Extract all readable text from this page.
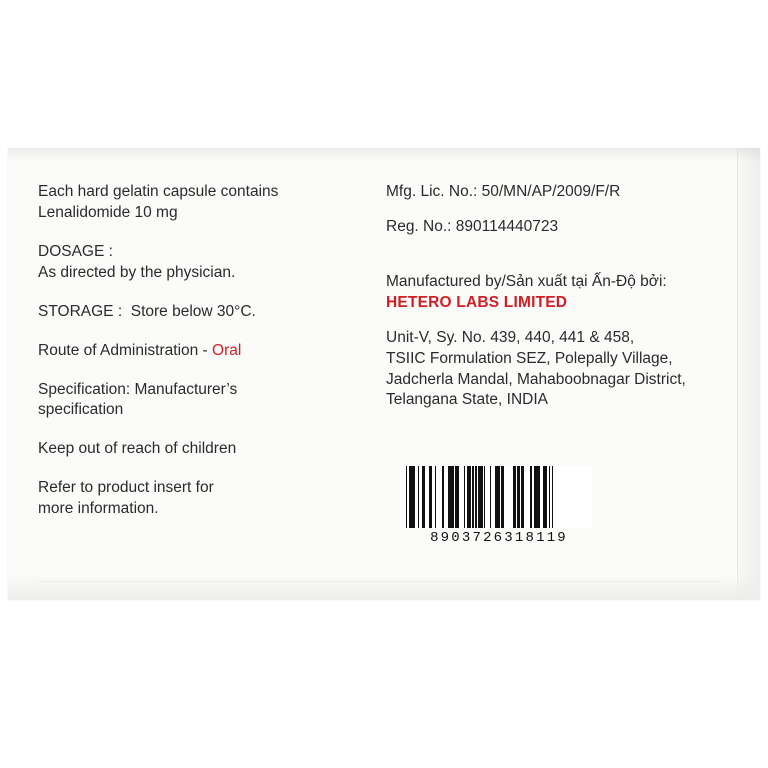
Each hard gelatin capsule contains
Lenalidomide 10 mg
DOSAGE :
As directed by the physician.
STORAGE :  Store below 30°C.
Route of Administration - Oral
Specification: Manufacturer’s
specification
Keep out of reach of children
Refer to product insert for
more information.
Mfg. Lic. No.: 50/MN/AP/2009/F/R
Reg. No.: 890114440723
Manufactured by/Sản xuất tại Ấn-Độ bởi:
HETERO LABS LIMITED
Unit-V, Sy. No. 439, 440, 441 & 458,
TSIIC Formulation SEZ, Polepally Village,
Jadcherla Mandal, Mahaboobnagar District,
Telangana State, INDIA
8903726318119
